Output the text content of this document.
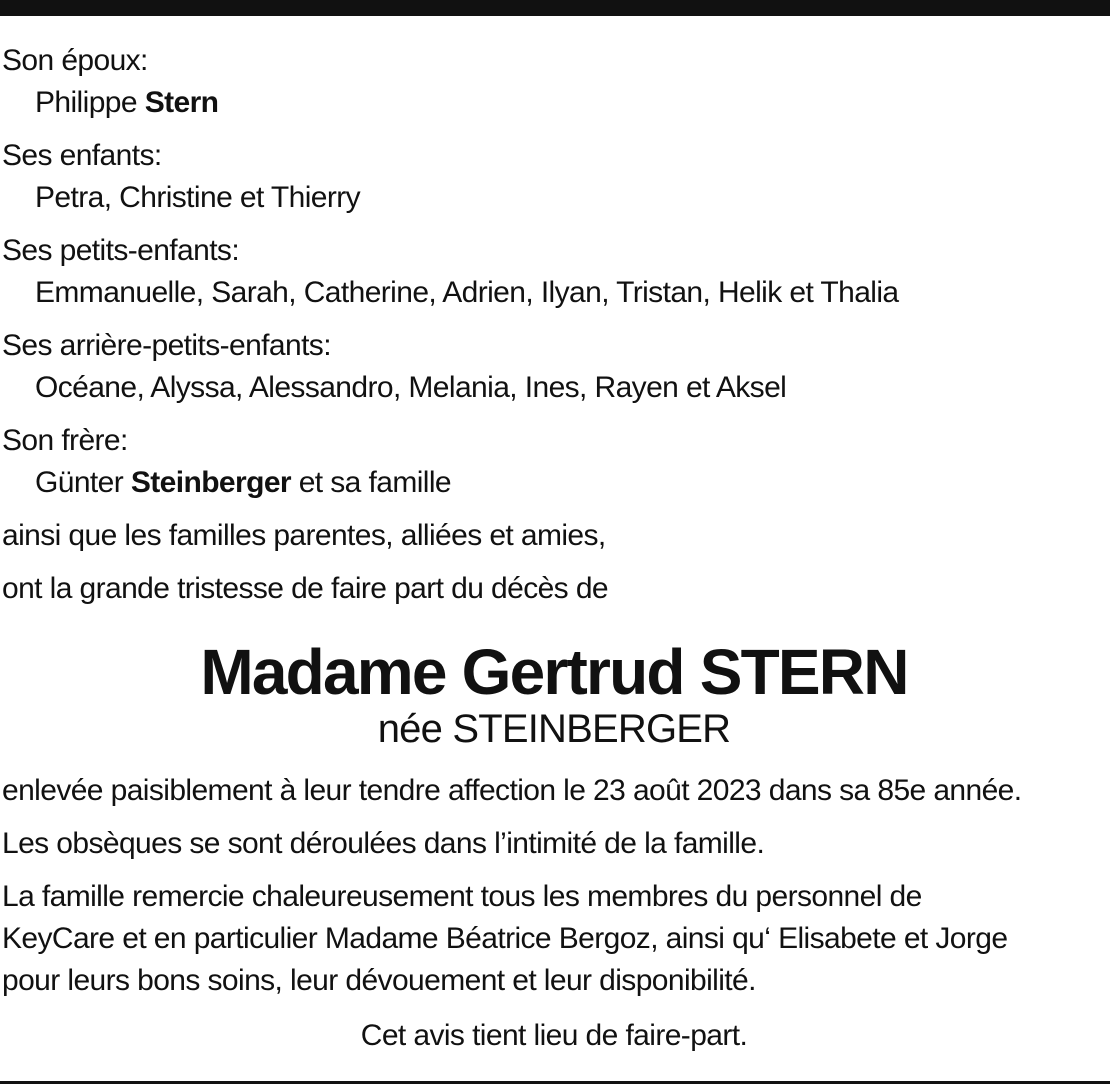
Son époux:
Philippe Stern
Ses enfants:
Petra, Christine et Thierry
Ses petits-enfants:
Emmanuelle, Sarah, Catherine, Adrien, Ilyan, Tristan, Helik et Thalia
Ses arrière-petits-enfants:
Océane, Alyssa, Alessandro, Melania, Ines, Rayen et Aksel
Son frère:
Günter Steinberger et sa famille
ainsi que les familles parentes, alliées et amies,
ont la grande tristesse de faire part du décès de
Madame Gertrud STERN
née STEINBERGER
enlevée paisiblement à leur tendre affection le 23 août 2023 dans sa 85e année.
Les obsèques se sont déroulées dans l’intimité de la famille.
La famille remercie chaleureusement tous les membres du personnel de
KeyCare et en particulier Madame Béatrice Bergoz, ainsi qu‘ Elisabete et Jorge
pour leurs bons soins, leur dévouement et leur disponibilité.
Cet avis tient lieu de faire-part.
